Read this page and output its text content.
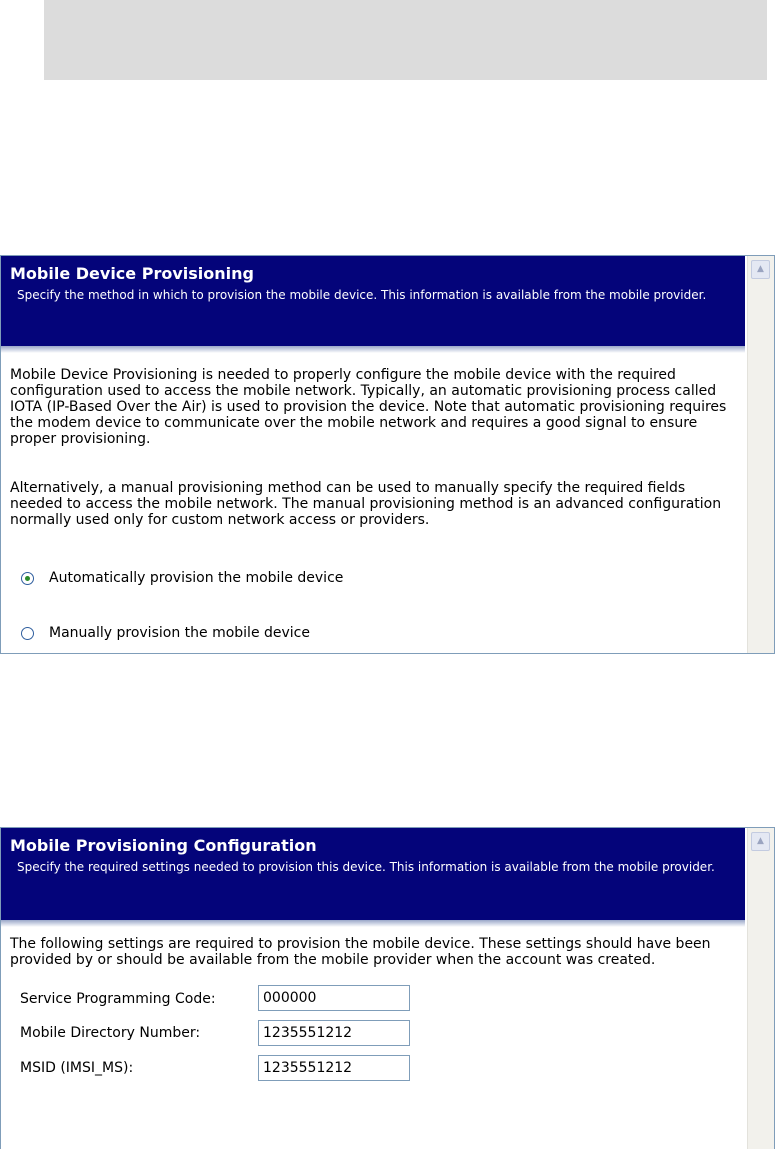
Mobile Device Provisioning
Specify the method in which to provision the mobile device. This information is available from the mobile provider.
Mobile Device Provisioning is needed to properly configure the mobile device with the required configuration used to access the mobile network. Typically, an automatic provisioning process called IOTA (IP-Based Over the Air) is used to provision the device. Note that automatic provisioning requires the modem device to communicate over the mobile network and requires a good signal to ensure proper provisioning.
Alternatively, a manual provisioning method can be used to manually specify the required fields needed to access the mobile network. The manual provisioning method is an advanced configuration normally used only for custom network access or providers.
Automatically provision the mobile device
Manually provision the mobile device
▲
Mobile Provisioning Configuration
Specify the required settings needed to provision this device. This information is available from the mobile provider.
The following settings are required to provision the mobile device. These settings should have been provided by or should be available from the mobile provider when the account was created.
Service Programming Code:
000000
Mobile Directory Number:
1235551212
MSID (IMSI_MS):
1235551212
▲
